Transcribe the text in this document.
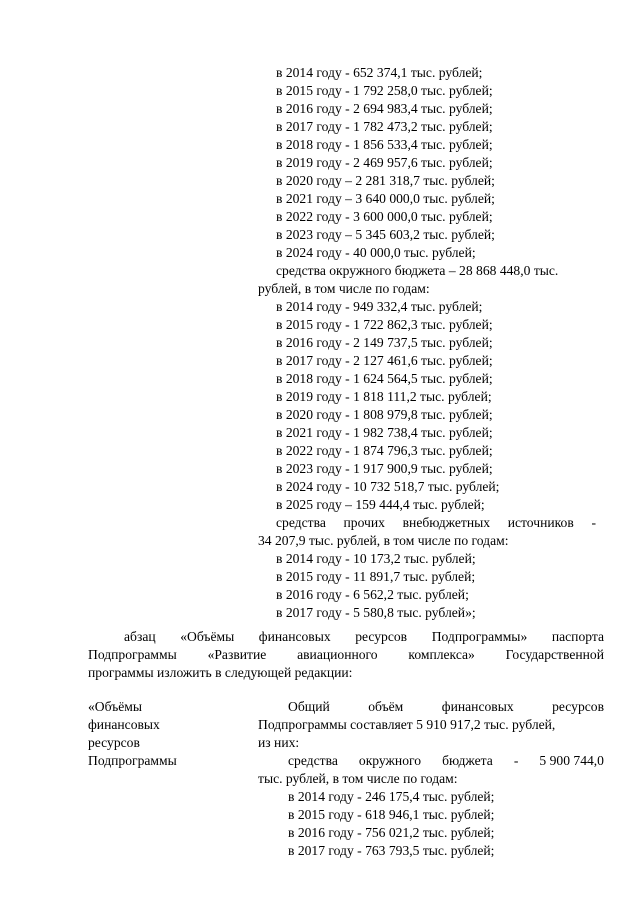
в 2014 году - 652 374,1 тыс. рублей;
в 2015 году - 1 792 258,0 тыс. рублей;
в 2016 году - 2 694 983,4 тыс. рублей;
в 2017 году - 1 782 473,2 тыс. рублей;
в 2018 году - 1 856 533,4 тыс. рублей;
в 2019 году - 2 469 957,6 тыс. рублей;
в 2020 году – 2 281 318,7 тыс. рублей;
в 2021 году – 3 640 000,0 тыс. рублей;
в 2022 году - 3 600 000,0 тыс. рублей;
в 2023 году – 5 345 603,2 тыс. рублей;
в 2024 году - 40 000,0 тыс. рублей;
средства окружного бюджета – 28 868 448,0 тыс.
рублей, в том числе по годам:
в 2014 году - 949 332,4 тыс. рублей;
в 2015 году - 1 722 862,3 тыс. рублей;
в 2016 году - 2 149 737,5 тыс. рублей;
в 2017 году - 2 127 461,6 тыс. рублей;
в 2018 году - 1 624 564,5 тыс. рублей;
в 2019 году - 1 818 111,2 тыс. рублей;
в 2020 году - 1 808 979,8 тыс. рублей;
в 2021 году - 1 982 738,4 тыс. рублей;
в 2022 году - 1 874 796,3 тыс. рублей;
в 2023 году - 1 917 900,9 тыс. рублей;
в 2024 году - 10 732 518,7 тыс. рублей;
в 2025 году – 159 444,4 тыс. рублей;
средства прочих внебюджетных источников -
34 207,9 тыс. рублей, в том числе по годам:
в 2014 году - 10 173,2 тыс. рублей;
в 2015 году - 11 891,7 тыс. рублей;
в 2016 году - 6 562,2 тыс. рублей;
в 2017 году - 5 580,8 тыс. рублей»;
абзац «Объёмы финансовых ресурсов Подпрограммы» паспорта
Подпрограммы «Развитие авиационного комплекса» Государственной
программы изложить в следующей редакции:
«Объёмы
финансовых
ресурсов
Подпрограммы
Общий	объём	финансовых	ресурсов
Подпрограммы составляет 5 910 917,2 тыс. рублей,
из них:
средства окружного бюджета - 5 900 744,0
тыс. рублей, в том числе по годам:
в 2014 году - 246 175,4 тыс. рублей;
в 2015 году - 618 946,1 тыс. рублей;
в 2016 году - 756 021,2 тыс. рублей;
в 2017 году - 763 793,5 тыс. рублей;
